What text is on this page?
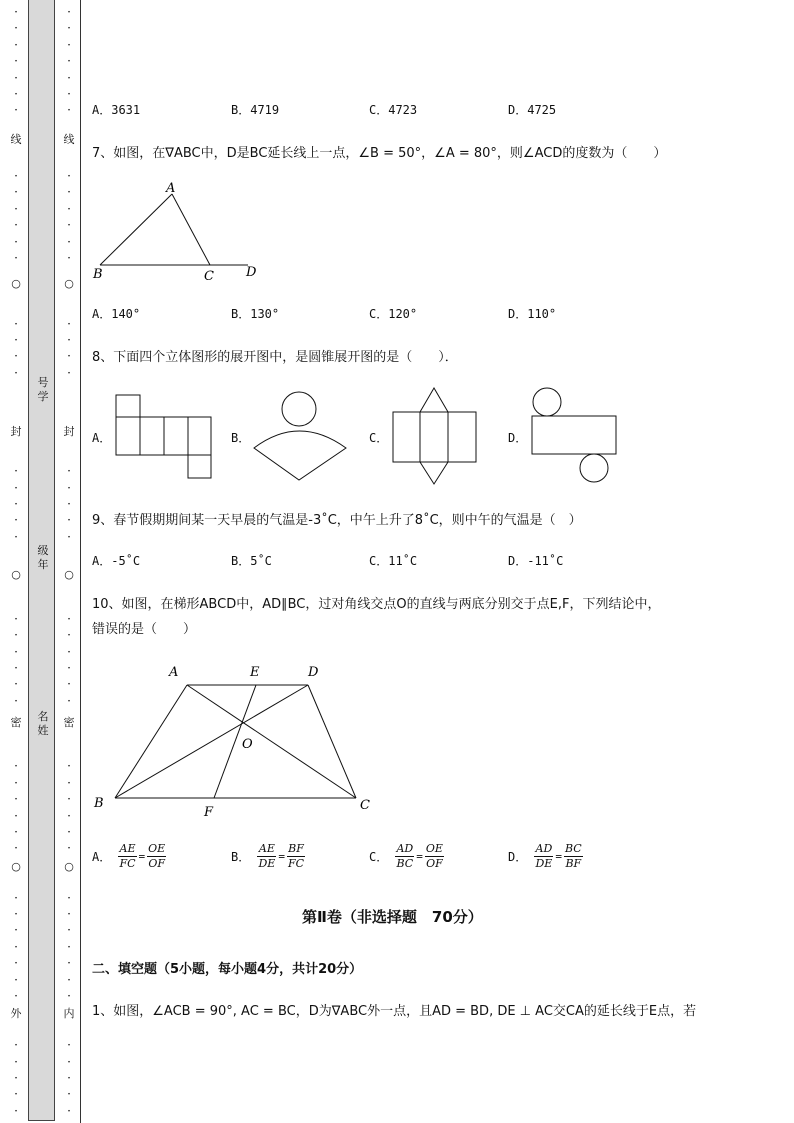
·
·
·
·
·
·
·
·
·
·
·
·
·
·
·
·
·
·
·
·
·
·
·
·
·
·
·
·
·
·
·
·
·
·
·
·
·
·
·
·
·
·
·
·
·
·
·
·
·
·
·
·
·
·
·
·
·
·
·
·
·
·
·
·
·
·
·
·
·
·
·
·
·
·
·
·
·
·
·
·
·
·
·
·
·
·
·
·
·
·
·
·
线
○
封
○
密
○
外
线
○
封
○
密
○
内
号学
级年
名姓
A．3631	B．4719	C．4723	D．4725
7、如图，在∇ABC中，D是BC延长线上一点，∠B = 50°，∠A = 80°，则∠ACD的度数为（　　）
A
B	C D
A．140°	B．130°	C．120°	D．110°
8、下面四个立体图形的展开图中，是圆锥展开图的是（　　）．
A．	B．	C．	D．
9、春节假期期间某一天早晨的气温是-3˚C，中午上升了8˚C，则中午的气温是（　）
A．-5˚C	B．5˚C	C．11˚C	D．-11˚C
10、如图，在梯形ABCD中，AD∥BC，过对角线交点O的直线与两底分别交于点E,F，下列结论中，
错误的是（　　）
A	E	D
O
B
F	C
A． $\frac{AE}{FC} = \frac{OE}{OF}$	B． $\frac{AE}{DE} = \frac{BF}{FC}$	C． $\frac{AD}{BC} = \frac{OE}{OF}$	D． $\frac{AD}{DE} = \frac{BC}{BF}$
第Ⅱ卷（非选择题　70分）
二、填空题（5小题，每小题4分，共计20分）
1、如图，∠ACB = 90°, AC = BC，D为∇ABC外一点，且AD = BD, DE ⊥ AC交CA的延长线于E点，若
